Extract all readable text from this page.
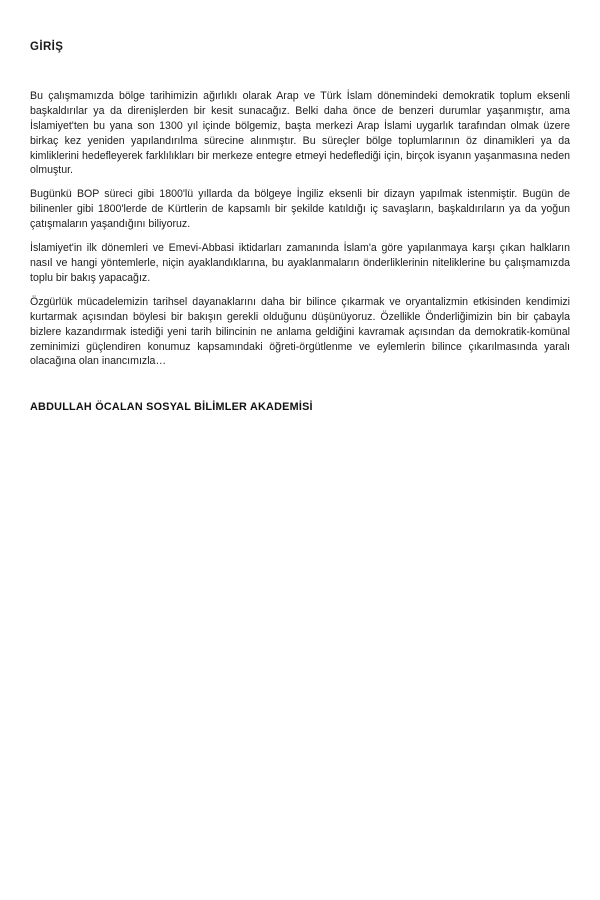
GİRİŞ

Bu çalışmamızda bölge tarihimizin ağırlıklı olarak Arap ve Türk İslam dönemindeki demokratik toplum eksenli başkaldırılar ya da direnişlerden bir kesit sunacağız. Belki daha önce de benzeri durumlar yaşanmıştır, ama İslamiyet'ten bu yana son 1300 yıl içinde bölgemiz, başta merkezi Arap İslami uygarlık tarafından olmak üzere birkaç kez yeniden yapılandırılma sürecine alınmıştır. Bu süreçler bölge toplumlarının öz dinamikleri ya da kimliklerini hedefleyerek farklılıkları bir merkeze entegre etmeyi hedeflediği için, birçok isyanın yaşanmasına neden olmuştur.

Bugünkü BOP süreci gibi 1800'lü yıllarda da bölgeye İngiliz eksenli bir dizayn yapılmak istenmiştir. Bugün de bilinenler gibi 1800'lerde de Kürtlerin de kapsamlı bir şekilde katıldığı iç savaşların, başkaldırıların ya da yoğun çatışmaların yaşandığını biliyoruz.

İslamiyet'in ilk dönemleri ve Emevi-Abbasi iktidarları zamanında İslam'a göre yapılanmaya karşı çıkan halkların nasıl ve hangi yöntemlerle, niçin ayaklandıklarına, bu ayaklanmaların önderliklerinin niteliklerine bu çalışmamızda toplu bir bakış yapacağız.

Özgürlük mücadelemizin tarihsel dayanaklarını daha bir bilince çıkarmak ve oryantalizmin etkisinden kendimizi kurtarmak açısından böylesi bir bakışın gerekli olduğunu düşünüyoruz. Özellikle Önderliğimizin bin bir çabayla bizlere kazandırmak istediği yeni tarih bilincinin ne anlama geldiğini kavramak açısından da demokratik-komünal zeminimizi güçlendiren konumuz kapsamındaki öğreti-örgütlenme ve eylemlerin bilince çıkarılmasında yaralı olacağına olan inancımızla…

ABDULLAH ÖCALAN SOSYAL BİLİMLER AKADEMİSİ
